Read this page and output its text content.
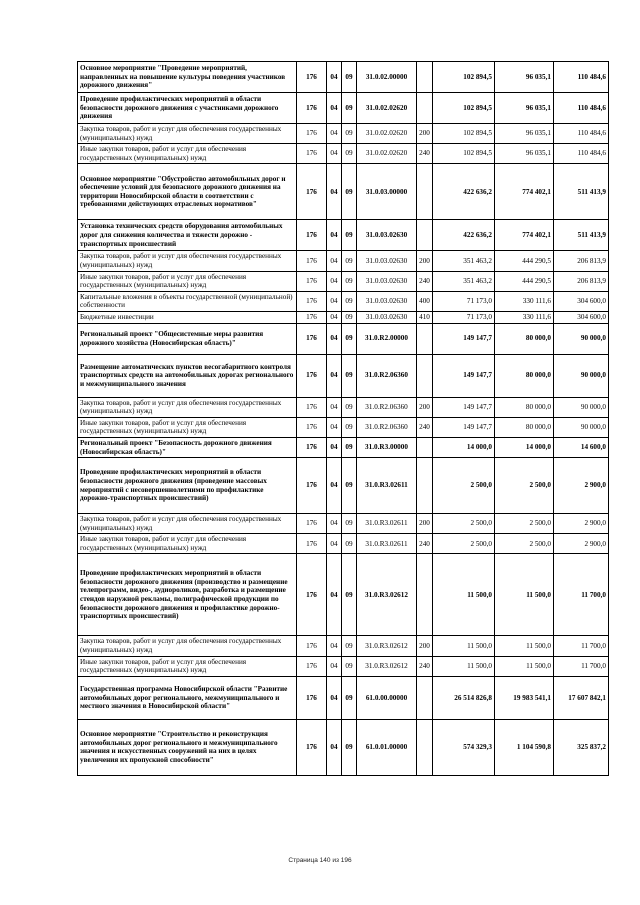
Основное мероприятие "Проведение мероприятий, направленных на повышение культуры поведения участников дорожного движения"	176	04	09	31.0.02.00000		102 894,5	96 035,1	110 484,6
Проведение профилактических мероприятий в области безопасности дорожного движения с участниками дорожного движения	176	04	09	31.0.02.02620		102 894,5	96 035,1	110 484,6
Закупка товаров, работ и услуг для обеспечения государственных (муниципальных) нужд	176	04	09	31.0.02.02620	200	102 894,5	96 035,1	110 484,6
Иные закупки товаров, работ и услуг для обеспечения государственных (муниципальных) нужд	176	04	09	31.0.02.02620	240	102 894,5	96 035,1	110 484,6
Основное мероприятие "Обустройство автомобильных дорог и обеспечение условий для безопасного дорожного движения на территории Новосибирской области в соответствии с требованиями действующих отраслевых нормативов"	176	04	09	31.0.03.00000		422 636,2	774 402,1	511 413,9
Установка технических средств оборудования автомобильных дорог для снижения количества и тяжести дорожно - транспортных происшествий	176	04	09	31.0.03.02630		422 636,2	774 402,1	511 413,9
Закупка товаров, работ и услуг для обеспечения государственных (муниципальных) нужд	176	04	09	31.0.03.02630	200	351 463,2	444 290,5	206 813,9
Иные закупки товаров, работ и услуг для обеспечения государственных (муниципальных) нужд	176	04	09	31.0.03.02630	240	351 463,2	444 290,5	206 813,9
Капитальные вложения в объекты государственной (муниципальной) собственности	176	04	09	31.0.03.02630	400	71 173,0	330 111,6	304 600,0
Бюджетные инвестиции	176	04	09	31.0.03.02630	410	71 173,0	330 111,6	304 600,0
Региональный проект "Общесистемные меры развития дорожного хозяйства (Новосибирская область)"	176	04	09	31.0.R2.00000		149 147,7	80 000,0	90 000,0
Размещение автоматических пунктов весогабаритного контроля транспортных средств на автомобильных дорогах регионального и межмуниципального значения	176	04	09	31.0.R2.06360		149 147,7	80 000,0	90 000,0
Закупка товаров, работ и услуг для обеспечения государственных (муниципальных) нужд	176	04	09	31.0.R2.06360	200	149 147,7	80 000,0	90 000,0
Иные закупки товаров, работ и услуг для обеспечения государственных (муниципальных) нужд	176	04	09	31.0.R2.06360	240	149 147,7	80 000,0	90 000,0
Региональный проект "Безопасность дорожного движения (Новосибирская область)"	176	04	09	31.0.R3.00000		14 000,0	14 000,0	14 600,0
Проведение профилактических мероприятий в области безопасности дорожного движения (проведение массовых мероприятий с несовершеннолетними по профилактике дорожно-транспортных происшествий)	176	04	09	31.0.R3.02611		2 500,0	2 500,0	2 900,0
Закупка товаров, работ и услуг для обеспечения государственных (муниципальных) нужд	176	04	09	31.0.R3.02611	200	2 500,0	2 500,0	2 900,0
Иные закупки товаров, работ и услуг для обеспечения государственных (муниципальных) нужд	176	04	09	31.0.R3.02611	240	2 500,0	2 500,0	2 900,0
Проведение профилактических мероприятий в области безопасности дорожного движения (производство и размещение телепрограмм, видео-, аудиороликов, разработка и размещение стендов наружной рекламы, полиграфической продукции по безопасности дорожного движения и профилактике дорожно-транспортных происшествий)	176	04	09	31.0.R3.02612		11 500,0	11 500,0	11 700,0
Закупка товаров, работ и услуг для обеспечения государственных (муниципальных) нужд	176	04	09	31.0.R3.02612	200	11 500,0	11 500,0	11 700,0
Иные закупки товаров, работ и услуг для обеспечения государственных (муниципальных) нужд	176	04	09	31.0.R3.02612	240	11 500,0	11 500,0	11 700,0
Государственная программа Новосибирской области "Развитие автомобильных дорог регионального, межмуниципального и местного значения в Новосибирской области"	176	04	09	61.0.00.00000		26 514 826,8	19 983 541,1	17 607 842,1
Основное мероприятие "Строительство и реконструкция автомобильных дорог регионального и межмуниципального значения и искусственных сооружений на них в целях увеличения их пропускной способности"	176	04	09	61.0.01.00000		574 329,3	1 104 590,8	325 837,2
Страница 140 из 196
